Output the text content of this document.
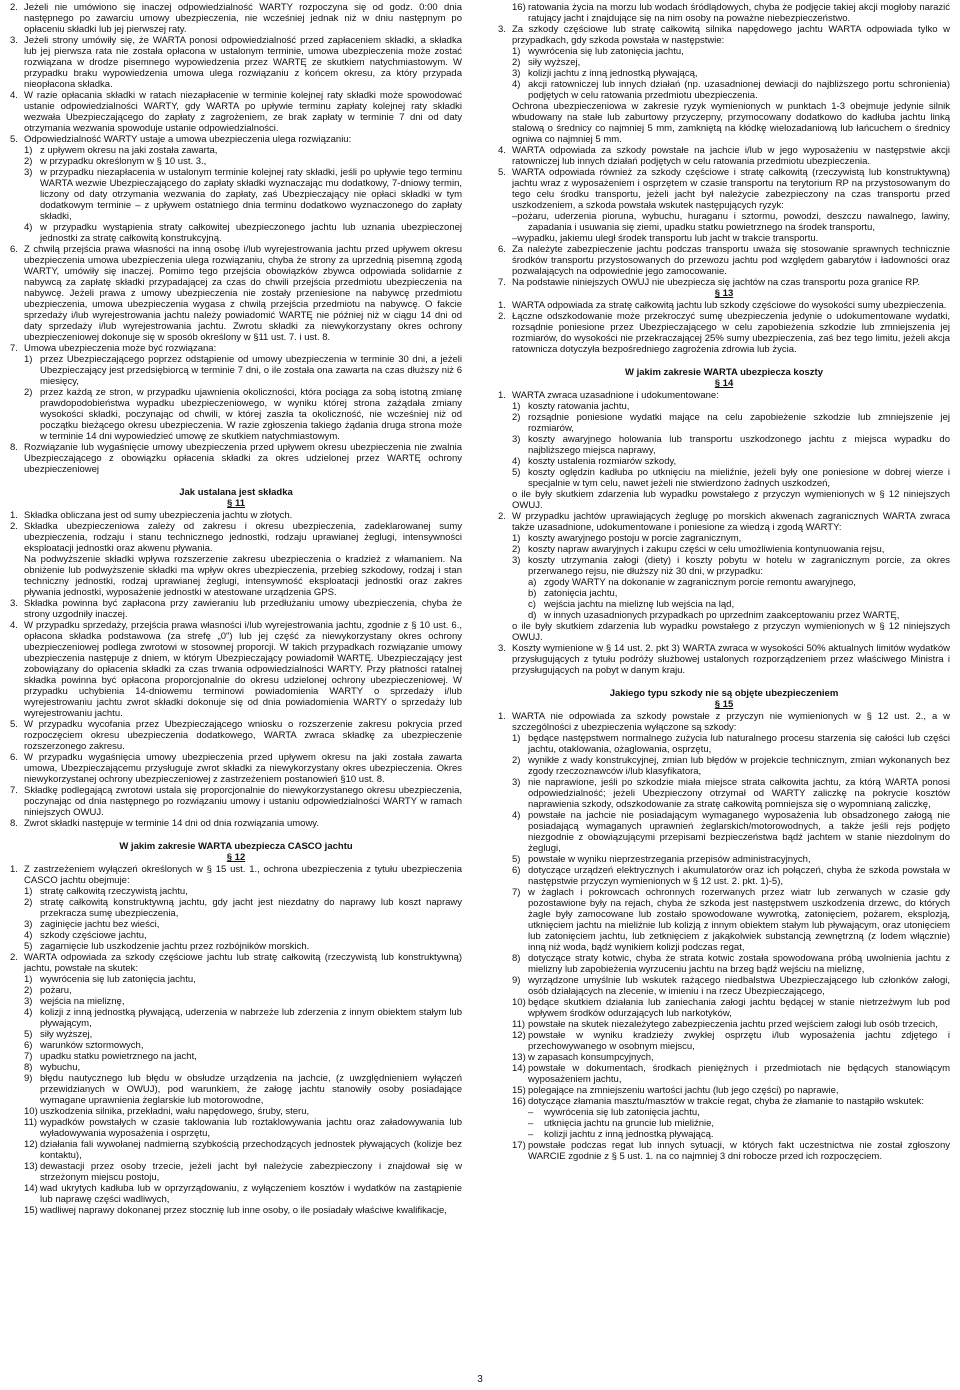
2. Jeżeli nie umówiono się inaczej odpowiedzialność WARTY rozpoczyna się od godz. 0:00 dnia następnego po zawarciu umowy ubezpieczenia, nie wcześniej jednak niż w dniu następnym po opłaceniu składki lub jej pierwszej raty.
3. Jeżeli strony umówiły się, że WARTA ponosi odpowiedzialność przed zapłaceniem składki, a składka lub jej pierwsza rata nie została opłacona w ustalonym terminie, umowa ubezpieczenia może zostać rozwiązana w drodze pisemnego wypowiedzenia przez WARTĘ ze skutkiem natychmiastowym. W przypadku braku wypowiedzenia umowa ulega rozwiązaniu z końcem okresu, za który przypada nieopłacona składka.
4. W razie opłacania składki w ratach niezapłacenie w terminie kolejnej raty składki może spowodować ustanie odpowiedzialności WARTY, gdy WARTA po upływie terminu zapłaty kolejnej raty składki wezwała Ubezpieczającego do zapłaty z zagrożeniem, ze brak zapłaty w terminie 7 dni od daty otrzymania wezwania spowoduje ustanie odpowiedzialności.
5. Odpowiedzialność WARTY ustaje a umowa ubezpieczenia ulega rozwiązaniu:
1) z upływem okresu na jaki została zawarta,
2) w przypadku określonym w § 10 ust. 3.,
3) w przypadku niezapłacenia w ustalonym terminie kolejnej raty składki, jeśli po upływie tego terminu WARTA wezwie Ubezpieczającego do zapłaty składki wyznaczając mu dodatkowy, 7-dniowy termin, liczony od daty otrzymania wezwania do zapłaty, zaś Ubezpieczający nie opłaci składki w tym dodatkowym terminie – z upływem ostatniego dnia terminu dodatkowo wyznaczonego do zapłaty składki,
4) w przypadku wystąpienia straty całkowitej ubezpieczonego jachtu lub uznania ubezpieczonej jednostki za stratę całkowitą konstrukcyjną.
6. Z chwilą przejścia prawa własności na inną osobę i/lub wyrejestrowania jachtu przed upływem okresu ubezpieczenia umowa ubezpieczenia ulega rozwiązaniu, chyba że strony za uprzednią pisemną zgodą WARTY, umówiły się inaczej. Pomimo tego przejścia obowiązków zbywca odpowiada solidarnie z nabywcą za zapłatę składki przypadającej za czas do chwili przejścia przedmiotu ubezpieczenia na nabywcę. Jeżeli prawa z umowy ubezpieczenia nie zostały przeniesione na nabywcę przedmiotu ubezpieczenia, umowa ubezpieczenia wygasa z chwilą przejścia przedmiotu na nabywcę. O fakcie sprzedaży i/lub wyrejestrowania jachtu należy powiadomić WARTĘ nie później niż w ciągu 14 dni od daty sprzedaży i/lub wyrejestrowania jachtu. Zwrotu składki za niewykorzystany okres ochrony ubezpieczeniowej dokonuje się w sposób określony w §11 ust. 7. i ust. 8.
7. Umowa ubezpieczenia może być rozwiązana:
1) przez Ubezpieczającego poprzez odstąpienie od umowy ubezpieczenia w terminie 30 dni, a jeżeli Ubezpieczający jest przedsiębiorcą w terminie 7 dni, o ile została ona zawarta na czas dłuższy niż 6 miesięcy,
2) przez każdą ze stron, w przypadku ujawnienia okoliczności, która pociąga za sobą istotną zmianę prawdopodobieństwa wypadku ubezpieczeniowego, w wyniku której strona zażądała zmiany wysokości składki, poczynając od chwili, w której zaszła ta okoliczność, nie wcześniej niż od początku bieżącego okresu ubezpieczenia. W razie zgłoszenia takiego żądania druga strona może w terminie 14 dni wypowiedzieć umowę ze skutkiem natychmiastowym.
8. Rozwiązanie lub wygaśnięcie umowy ubezpieczenia przed upływem okresu ubezpieczenia nie zwalnia Ubezpieczającego z obowiązku opłacenia składki za okres udzielonej przez WARTĘ ochrony ubezpieczeniowej
Jak ustalana jest składka
§ 11
1. Składka obliczana jest od sumy ubezpieczenia jachtu w złotych.
2. Składka ubezpieczeniowa zależy od zakresu i okresu ubezpieczenia, zadeklarowanej sumy ubezpieczenia, rodzaju i stanu technicznego jednostki, rodzaju uprawianej żeglugi, intensywności eksploatacji jednostki oraz akwenu pływania.
Na podwyższenie składki wpływa rozszerzenie zakresu ubezpieczenia o kradzież z włamaniem. Na obniżenie lub podwyższenie składki ma wpływ okres ubezpieczenia, przebieg szkodowy, rodzaj i stan techniczny jednostki, rodzaj uprawianej żeglugi, intensywność eksploatacji jednostki oraz zakres pływania jednostki, wyposażenie jednostki w atestowane urządzenia GPS.
3. Składka powinna być zapłacona przy zawieraniu lub przedłużaniu umowy ubezpieczenia, chyba że strony uzgodniły inaczej.
4. W przypadku sprzedaży, przejścia prawa własności i/lub wyrejestrowania jachtu, zgodnie z § 10 ust. 6., opłacona składka podstawowa (za strefę „0") lub jej część za niewykorzystany okres ochrony ubezpieczeniowej podlega zwrotowi w stosownej proporcji. W takich przypadkach rozwiązanie umowy ubezpieczenia następuje z dniem, w którym Ubezpieczający powiadomił WARTĘ. Ubezpieczający jest zobowiązany do opłacenia składki za czas trwania odpowiedzialności WARTY. Przy płatności ratalnej składka powinna być opłacona proporcjonalnie do okresu udzielonej ochrony ubezpieczeniowej. W przypadku uchybienia 14-dniowemu terminowi powiadomienia WARTY o sprzedaży i/lub wyrejestrowaniu jachtu zwrot składki dokonuje się od dnia powiadomienia WARTY o sprzedaży lub wyrejestrowaniu jachtu.
5. W przypadku wycofania przez Ubezpieczającego wniosku o rozszerzenie zakresu pokrycia przed rozpoczęciem okresu ubezpieczenia dodatkowego, WARTA zwraca składkę za ubezpieczenie rozszerzonego zakresu.
6. W przypadku wygaśnięcia umowy ubezpieczenia przed upływem okresu na jaki została zawarta umowa, Ubezpieczającemu przysługuje zwrot składki za niewykorzystany okres ubezpieczenia. Okres niewykorzystanej ochrony ubezpieczeniowej z zastrzeżeniem postanowień §10 ust. 8.
7. Składkę podlegającą zwrotowi ustala się proporcjonalnie do niewykorzystanego okresu ubezpieczenia, poczynając od dnia następnego po rozwiązaniu umowy i ustaniu odpowiedzialności WARTY w ramach niniejszych OWUJ.
8. Zwrot składki następuje w terminie 14 dni od dnia rozwiązania umowy.
W jakim zakresie WARTA ubezpiecza CASCO jachtu
§ 12
1. Z zastrzeżeniem wyłączeń określonych w § 15 ust. 1., ochrona ubezpieczenia z tytułu ubezpieczenia CASCO jachtu obejmuje:
1) stratę całkowitą rzeczywistą jachtu,
2) stratę całkowitą konstruktywną jachtu, gdy jacht jest niezdatny do naprawy lub koszt naprawy przekracza sumę ubezpieczenia,
3) zaginięcie jachtu bez wieści,
4) szkody częściowe jachtu,
5) zagarnięcie lub uszkodzenie jachtu przez rozbójników morskich.
2. WARTA odpowiada za szkody częściowe jachtu lub stratę całkowitą (rzeczywistą lub konstruktywną) jachtu, powstałe na skutek:
1) wywrócenia się lub zatonięcia jachtu,
2) pożaru,
3) wejścia na mieliznę,
4) kolizji z inną jednostką pływającą, uderzenia w nabrzeże lub zderzenia z innym obiektem stałym lub pływającym,
5) siły wyższej,
6) warunków sztormowych,
7) upadku statku powietrznego na jacht,
8) wybuchu,
9) błędu nautycznego lub błędu w obsłudze urządzenia na jachcie, (z uwzględnieniem wyłączeń przewidzianych w OWUJ), pod warunkiem, że załogę jachtu stanowiły osoby posiadające wymagane uprawnienia żeglarskie lub motorowodne,
10) uszkodzenia silnika, przekładni, wału napędowego, śruby, steru,
11) wypadków powstałych w czasie taklowania lub roztaklowywania jachtu oraz załadowywania lub wyładowywania wyposażenia i osprzętu,
12) działania fali wywołanej nadmierną szybkością przechodzących jednostek pływających (kolizje bez kontaktu),
13) dewastacji przez osoby trzecie, jeżeli jacht był należycie zabezpieczony i znajdował się w strzeżonym miejscu postoju,
14) wad ukrytych kadłuba lub w oprzyrządowaniu, z wyłączeniem kosztów i wydatków na zastąpienie lub naprawę części wadliwych,
15) wadliwej naprawy dokonanej przez stocznię lub inne osoby, o ile posiadały właściwe kwalifikacje,
16) ratowania życia na morzu lub wodach śródlądowych, chyba że podjęcie takiej akcji mogłoby narazić ratujący jacht i znajdujące się na nim osoby na poważne niebezpieczeństwo.
3. Za szkody częściowe lub stratę całkowitą silnika napędowego jachtu WARTA odpowiada tylko w przypadkach, gdy szkoda powstała w następstwie:
1) wywrócenia się lub zatonięcia jachtu,
2) siły wyższej,
3) kolizji jachtu z inną jednostką pływającą,
4) akcji ratowniczej lub innych działań (np. uzasadnionej dewiacji do najbliższego portu schronienia) podjętych w celu ratowania przedmiotu ubezpieczenia.
Ochrona ubezpieczeniowa w zakresie ryzyk wymienionych w punktach 1-3 obejmuje jedynie silnik wbudowany na stałe lub zaburtowy przyczepny, przymocowany dodatkowo do kadłuba jachtu linką stalową o średnicy co najmniej 5 mm, zamkniętą na kłódkę wielozadaniową lub łańcuchem o średnicy ogniwa co najmniej 5 mm.
4. WARTA odpowiada za szkody powstałe na jachcie i/lub w jego wyposażeniu w następstwie akcji ratowniczej lub innych działań podjętych w celu ratowania przedmiotu ubezpieczenia.
5. WARTA odpowiada również za szkody częściowe i stratę całkowitą (rzeczywistą lub konstruktywną) jachtu wraz z wyposażeniem i osprzętem w czasie transportu na terytorium RP na przystosowanym do tego celu środku transportu, jeżeli jacht był należycie zabezpieczony na czas transportu przed uszkodzeniem, a szkoda powstała wskutek następujących ryzyk:
–pożaru, uderzenia pioruna, wybuchu, huraganu i sztormu, powodzi, deszczu nawalnego, lawiny, zapadania i usuwania się ziemi, upadku statku powietrznego na środek transportu,
–wypadku, jakiemu uległ środek transportu lub jacht w trakcie transportu.
6. Za należyte zabezpieczenie jachtu podczas transportu uważa się stosowanie sprawnych technicznie środków transportu przystosowanych do przewozu jachtu pod względem gabarytów i ładowności oraz pozwalających na odpowiednie jego zamocowanie.
7. Na podstawie niniejszych OWUJ nie ubezpiecza się jachtów na czas transportu poza granice RP.
§ 13
1. WARTA odpowiada za stratę całkowitą jachtu lub szkody częściowe do wysokości sumy ubezpieczenia.
2. Łączne odszkodowanie może przekroczyć sumę ubezpieczenia jedynie o udokumentowane wydatki, rozsądnie poniesione przez Ubezpieczającego w celu zapobieżenia szkodzie lub zmniejszenia jej rozmiarów, do wysokości nie przekraczającej 25% sumy ubezpieczenia, zaś bez tego limitu, jeżeli akcja ratownicza dotyczyła bezpośredniego zagrożenia zdrowia lub życia.
W jakim zakresie WARTA ubezpiecza koszty
§ 14
1. WARTA zwraca uzasadnione i udokumentowane:
1) koszty ratowania jachtu,
2) rozsądnie poniesione wydatki mające na celu zapobieżenie szkodzie lub zmniejszenie jej rozmiarów,
3) koszty awaryjnego holowania lub transportu uszkodzonego jachtu z miejsca wypadku do najbliższego miejsca naprawy,
4) koszty ustalenia rozmiarów szkody,
5) koszty oględzin kadłuba po utknięciu na mieliźnie, jeżeli były one poniesione w dobrej wierze i specjalnie w tym celu, nawet jeżeli nie stwierdzono żadnych uszkodzeń,
o ile były skutkiem zdarzenia lub wypadku powstałego z przyczyn wymienionych w § 12 niniejszych OWUJ.
2. W przypadku jachtów uprawiających żeglugę po morskich akwenach zagranicznych WARTA zwraca także uzasadnione, udokumentowane i poniesione za wiedzą i zgodą WARTY:
1) koszty awaryjnego postoju w porcie zagranicznym,
2) koszty napraw awaryjnych i zakupu części w celu umożliwienia kontynuowania rejsu,
3) koszty utrzymania załogi (diety) i koszty pobytu w hotelu w zagranicznym porcie, za okres przerwanego rejsu, nie dłuższy niż 30 dni, w przypadku:
a) zgody WARTY na dokonanie w zagranicznym porcie remontu awaryjnego,
b) zatonięcia jachtu,
c) wejścia jachtu na mieliznę lub wejścia na ląd,
d) w innych uzasadnionych przypadkach po uprzednim zaakceptowaniu przez WARTĘ,
o ile były skutkiem zdarzenia lub wypadku powstałego z przyczyn wymienionych w § 12 niniejszych OWUJ.
3. Koszty wymienione w § 14 ust. 2. pkt 3) WARTA zwraca w wysokości 50% aktualnych limitów wydatków przysługujących z tytułu podróży służbowej ustalonych rozporządzeniem przez właściwego Ministra i przysługujących na pobyt w danym kraju.
Jakiego typu szkody nie są objęte ubezpieczeniem
§ 15
1. WARTA nie odpowiada za szkody powstałe z przyczyn nie wymienionych w § 12 ust. 2., a w szczególności z ubezpieczenia wyłączone są szkody:
1) będące następstwem normalnego zużycia lub naturalnego procesu starzenia się całości lub części jachtu, otaklowania, ożaglowania, osprzętu,
2) wynikłe z wady konstrukcyjnej, zmian lub błędów w projekcie technicznym, zmian wykonanych bez zgody rzeczoznawców i/lub klasyfikatora,
3) nie naprawione, jeśli po szkodzie miała miejsce strata całkowita jachtu, za którą WARTA ponosi odpowiedzialność; jeżeli Ubezpieczony otrzymał od WARTY zaliczkę na pokrycie kosztów naprawienia szkody, odszkodowanie za stratę całkowitą pomniejsza się o wypomnianą zaliczkę,
4) powstałe na jachcie nie posiadającym wymaganego wyposażenia lub obsadzonego załogą nie posiadającą wymaganych uprawnień żeglarskich/motorowodnych, a także jeśli rejs podjęto niezgodnie z obowiązującymi przepisami bezpieczeństwa bądź jachtem w stanie niezdolnym do żeglugi,
5) powstałe w wyniku nieprzestrzegania przepisów administracyjnych,
6) dotyczące urządzeń elektrycznych i akumulatorów oraz ich połączeń, chyba że szkoda powstała w następstwie przyczyn wymienionych w § 12 ust. 2. pkt. 1)-5),
7) w żaglach i pokrowcach ochronnych rozerwanych przez wiatr lub zerwanych w czasie gdy pozostawione były na rejach, chyba że szkoda jest następstwem uszkodzenia drzewc, do których żagle były zamocowane lub zostało spowodowane wywrotką, zatonięciem, pożarem, eksplozją, utknięciem jachtu na mieliźnie lub kolizją z innym obiektem stałym lub pływającym, oraz utonięciem lub zatonięciem jachtu, lub zetknięciem z jakąkolwiek substancją zewnętrzną (z lodem włącznie) inną niż woda, bądź wynikiem kolizji podczas regat,
8) dotyczące straty kotwic, chyba że strata kotwic została spowodowana próbą uwolnienia jachtu z mielizny lub zapobieżenia wyrzuceniu jachtu na brzeg bądź wejściu na mieliznę,
9) wyrządzone umyślnie lub wskutek rażącego niedbalstwa Ubezpieczającego lub członków załogi, osób działających na zlecenie, w imieniu i na rzecz Ubezpieczającego,
10) będące skutkiem działania lub zaniechania załogi jachtu będącej w stanie nietrzeźwym lub pod wpływem środków odurzających lub narkotyków,
11) powstałe na skutek niezależytego zabezpieczenia jachtu przed wejściem załogi lub osób trzecich,
12) powstałe w wyniku kradzieży zwykłej osprzętu i/lub wyposażenia jachtu zdjętego i przechowywanego w osobnym miejscu,
13) w zapasach konsumpcyjnych,
14) powstałe w dokumentach, środkach pieniężnych i przedmiotach nie będących stanowiącym wyposażeniem jachtu,
15) polegające na zmniejszeniu wartości jachtu (lub jego części) po naprawie,
16) dotyczące złamania masztu/masztów w trakcie regat, chyba że złamanie to nastąpiło wskutek:
– wywrócenia się lub zatonięcia jachtu,
– utknięcia jachtu na gruncie lub mieliźnie,
– kolizji jachtu z inną jednostką pływającą.
17) powstałe podczas regat lub innych sytuacji, w których fakt uczestnictwa nie został zgłoszony WARCIE zgodnie z § 5 ust. 1. na co najmniej 3 dni robocze przed ich rozpoczęciem.
3
